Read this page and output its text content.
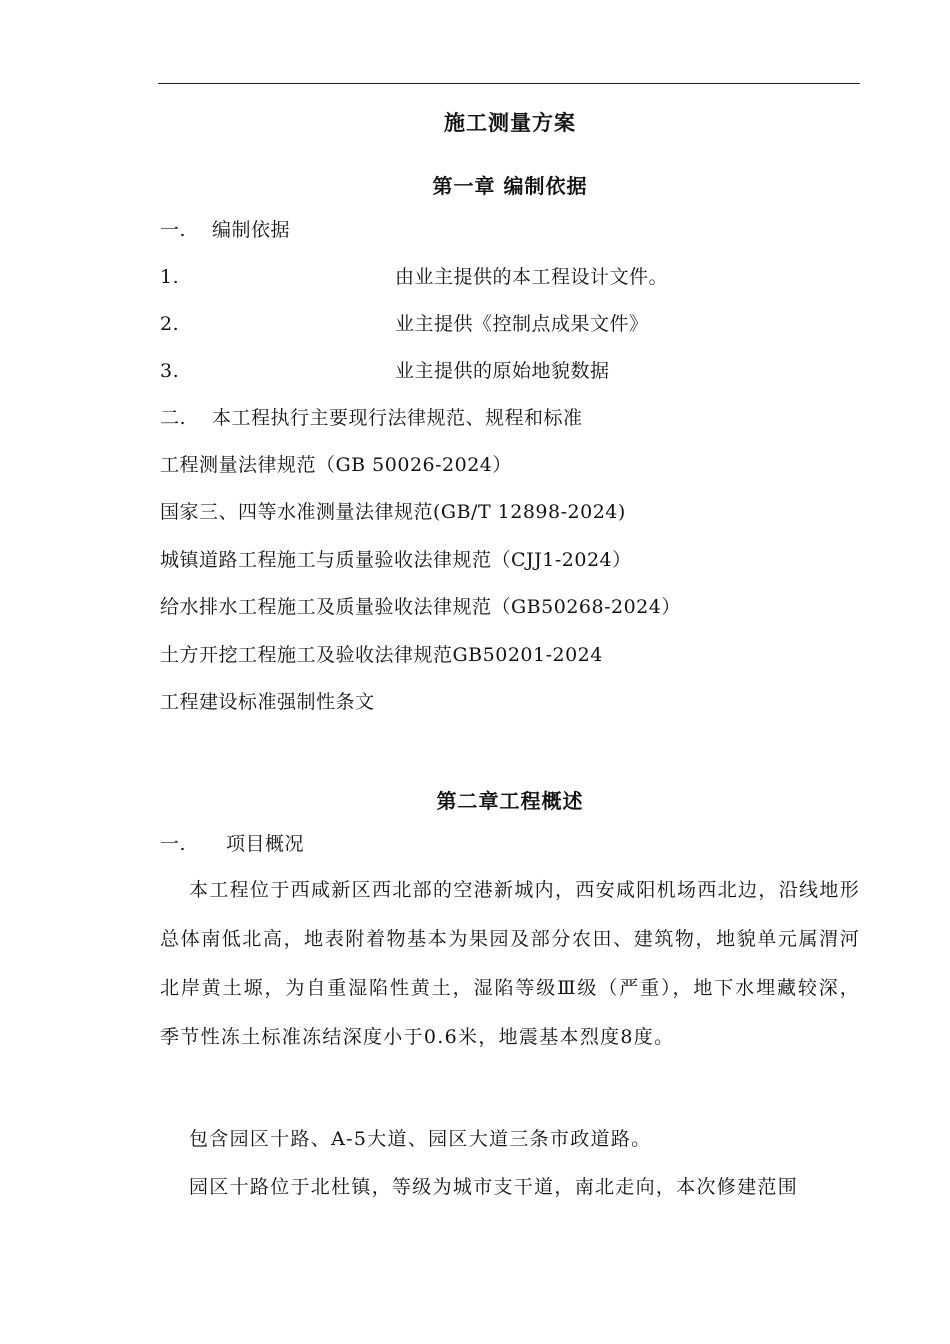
施工测量方案
第一章 编制依据
一. 编制依据
1.	由业主提供的本工程设计文件。
2.	业主提供《控制点成果文件》
3.	业主提供的原始地貌数据
二. 本工程执行主要现行法律规范、规程和标准
工程测量法律规范（GB 50026-2024）
国家三、四等水准测量法律规范(GB/T 12898-2024)
城镇道路工程施工与质量验收法律规范（CJJ1-2024）
给水排水工程施工及质量验收法律规范（GB50268-2024）
土方开挖工程施工及验收法律规范GB50201-2024
工程建设标准强制性条文
第二章工程概述
一. 项目概况
本工程位于西咸新区西北部的空港新城内，西安咸阳机场西北边，沿线地形总体南低北高，地表附着物基本为果园及部分农田、建筑物，地貌单元属渭河北岸黄土塬，为自重湿陷性黄土，湿陷等级Ⅲ级（严重），地下水埋藏较深，季节性冻土标准冻结深度小于0.6米，地震基本烈度8度。
包含园区十路、A-5大道、园区大道三条市政道路。
园区十路位于北杜镇，等级为城市支干道，南北走向，本次修建范围
